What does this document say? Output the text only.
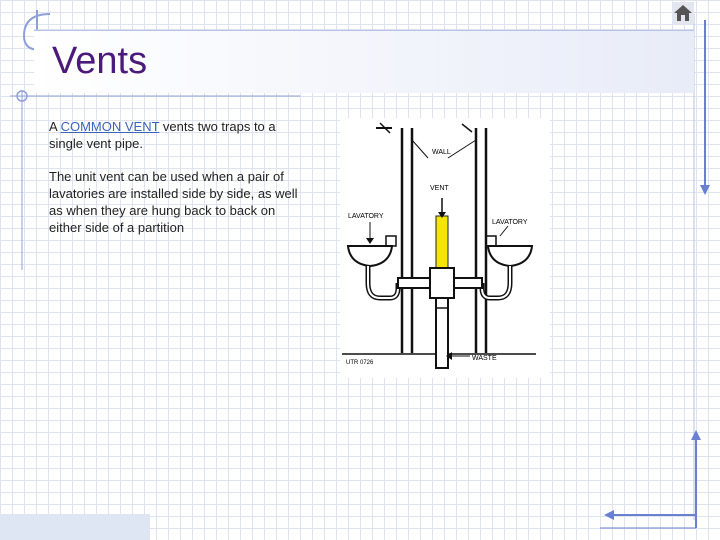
Vents

A COMMON VENT vents two traps to a single vent pipe.

The unit vent can be used when a pair of lavatories are installed side by side, as well as when they are hung back to back on either side of a partition

WALL
VENT
LAVATORY
LAVATORY
WASTE
UTR 0726
